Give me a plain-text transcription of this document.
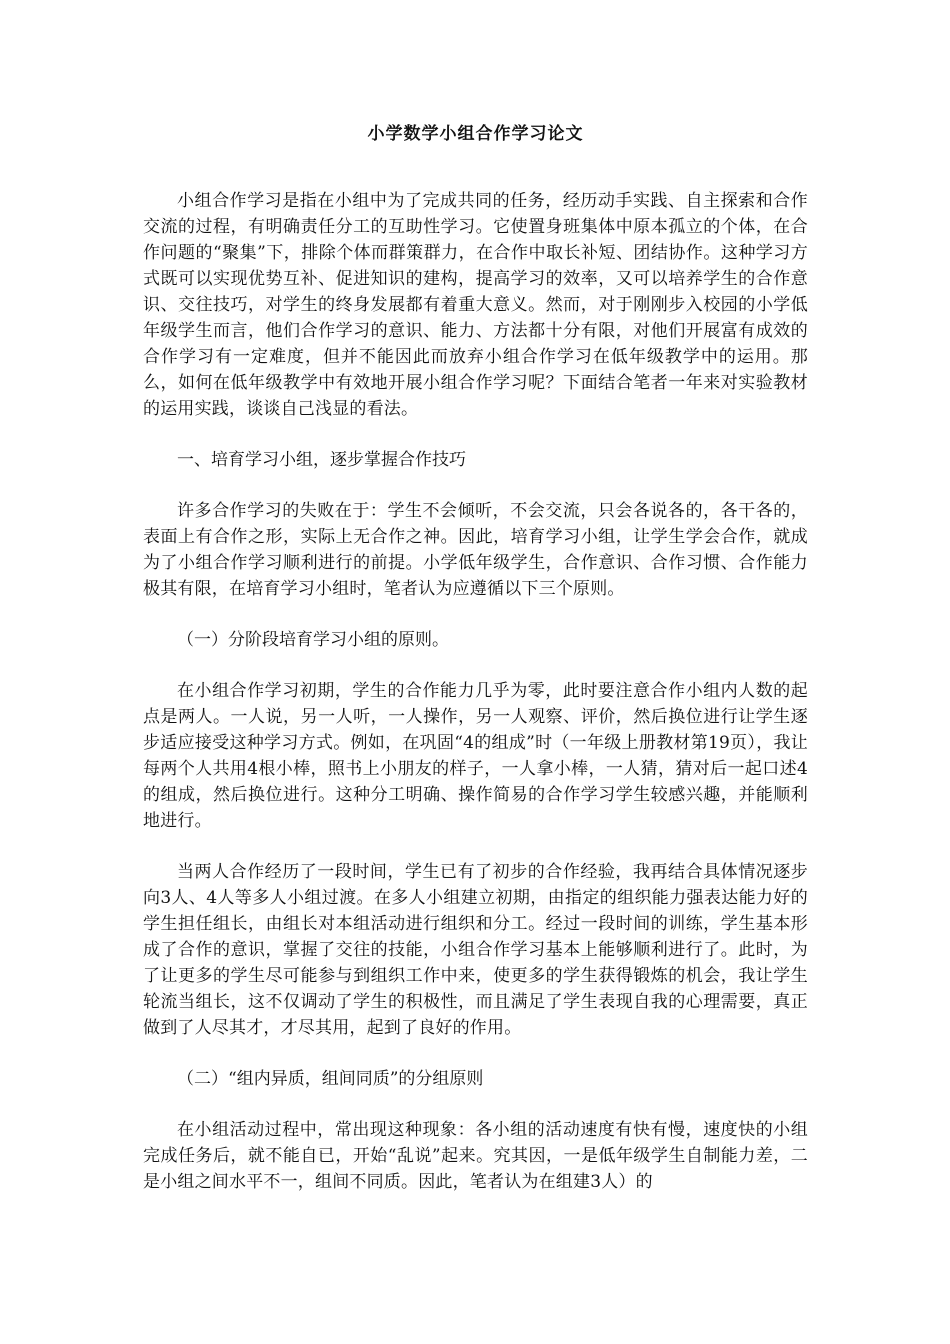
小学数学小组合作学习论文

小组合作学习是指在小组中为了完成共同的任务，经历动手实践、自主探索和合作交流的过程，有明确责任分工的互助性学习。它使置身班集体中原本孤立的个体，在合作问题的“聚集”下，排除个体而群策群力，在合作中取长补短、团结协作。这种学习方式既可以实现优势互补、促进知识的建构，提高学习的效率，又可以培养学生的合作意识、交往技巧，对学生的终身发展都有着重大意义。然而，对于刚刚步入校园的小学低年级学生而言，他们合作学习的意识、能力、方法都十分有限，对他们开展富有成效的合作学习有一定难度，但并不能因此而放弃小组合作学习在低年级教学中的运用。那么，如何在低年级教学中有效地开展小组合作学习呢？下面结合笔者一年来对实验教材的运用实践，谈谈自己浅显的看法。

一、培育学习小组，逐步掌握合作技巧

许多合作学习的失败在于：学生不会倾听，不会交流，只会各说各的，各干各的，表面上有合作之形，实际上无合作之神。因此，培育学习小组，让学生学会合作，就成为了小组合作学习顺利进行的前提。小学低年级学生，合作意识、合作习惯、合作能力极其有限，在培育学习小组时，笔者认为应遵循以下三个原则。

（一）分阶段培育学习小组的原则。

在小组合作学习初期，学生的合作能力几乎为零，此时要注意合作小组内人数的起点是两人。一人说，另一人听，一人操作，另一人观察、评价，然后换位进行让学生逐步适应接受这种学习方式。例如，在巩固“4的组成”时（一年级上册教材第19页），我让每两个人共用4根小棒，照书上小朋友的样子，一人拿小棒，一人猜，猜对后一起口述4的组成，然后换位进行。这种分工明确、操作简易的合作学习学生较感兴趣，并能顺利地进行。

当两人合作经历了一段时间，学生已有了初步的合作经验，我再结合具体情况逐步向3人、4人等多人小组过渡。在多人小组建立初期，由指定的组织能力强表达能力好的学生担任组长，由组长对本组活动进行组织和分工。经过一段时间的训练，学生基本形成了合作的意识，掌握了交往的技能，小组合作学习基本上能够顺利进行了。此时，为了让更多的学生尽可能参与到组织工作中来，使更多的学生获得锻炼的机会，我让学生轮流当组长，这不仅调动了学生的积极性，而且满足了学生表现自我的心理需要，真正做到了人尽其才，才尽其用，起到了良好的作用。

（二）“组内异质，组间同质”的分组原则

在小组活动过程中，常出现这种现象：各小组的活动速度有快有慢，速度快的小组完成任务后，就不能自已，开始“乱说”起来。究其因，一是低年级学生自制能力差，二是小组之间水平不一，组间不同质。因此，笔者认为在组建3人）的
